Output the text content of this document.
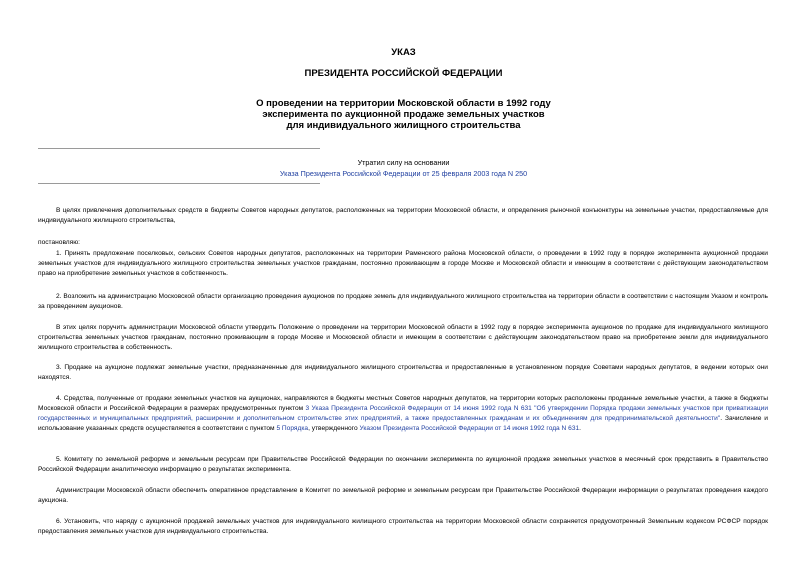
УКАЗ
ПРЕЗИДЕНТА РОССИЙСКОЙ ФЕДЕРАЦИИ
О проведении на территории Московской области в 1992 году
эксперимента по аукционной продаже земельных участков
для индивидуального жилищного строительства
Утратил силу на основании
Указа Президента Российской Федерации от 25 февраля 2003 года N 250

В целях привлечения дополнительных средств в бюджеты Советов народных депутатов, расположенных на территории Московской области, и определения рыночной конъюнктуры на земельные участки, предоставляемые для индивидуального жилищного строительства,

постановляю:

1. Принять предложение поселковых, сельских Советов народных депутатов, расположенных на территории Раменского района Московской области, о проведении в 1992 году в порядке эксперимента аукционной продажи земельных участков для индивидуального жилищного строительства земельных участков гражданам, постоянно проживающим в городе Москве и Московской области и имеющим в соответствии с действующим законодательством право на приобретение земельных участков в собственность.

2. Возложить на администрацию Московской области организацию проведения аукционов по продаже земель для индивидуального жилищного строительства на территории области в соответствии с настоящим Указом и контроль за проведением аукционов.

В этих целях поручить администрации Московской области утвердить Положение о проведении на территории Московской области в 1992 году в порядке эксперимента аукционов по продаже для индивидуального жилищного строительства земельных участков гражданам, постоянно проживающим в городе Москве и Московской области и имеющим в соответствии с действующим законодательством право на приобретение земли для индивидуального жилищного строительства в собственность.

3. Продаже на аукционе подлежат земельные участки, предназначенные для индивидуального жилищного строительства и предоставленные в установленном порядке Советами народных депутатов, в ведении которых они находятся.

4. Средства, полученные от продажи земельных участков на аукционах, направляются в бюджеты местных Советов народных депутатов, на территории которых расположены проданные земельные участки, а также в бюджеты Московской области и Российской Федерации в размерах предусмотренных пунктом 3 Указа Президента Российской Федерации от 14 июня 1992 года N 631 "Об утверждении Порядка продажи земельных участков при приватизации государственных и муниципальных предприятий, расширении и дополнительном строительстве этих предприятий, а также предоставленных гражданам и их объединениям для предпринимательской деятельности". Зачисление и использование указанных средств осуществляется в соответствии с пунктом 5 Порядка, утвержденного Указом Президента Российской Федерации от 14 июня 1992 года N 631.

5. Комитету по земельной реформе и земельным ресурсам при Правительстве Российской Федерации по окончании эксперимента по аукционной продаже земельных участков в месячный срок представить в Правительство Российской Федерации аналитическую информацию о результатах эксперимента.

Администрации Московской области обеспечить оперативное представление в Комитет по земельной реформе и земельным ресурсам при Правительстве Российской Федерации информации о результатах проведения каждого аукциона.

6. Установить, что наряду с аукционной продажей земельных участков для индивидуального жилищного строительства на территории Московской области сохраняется предусмотренный Земельным кодексом РСФСР порядок предоставления земельных участков для индивидуального строительства.
